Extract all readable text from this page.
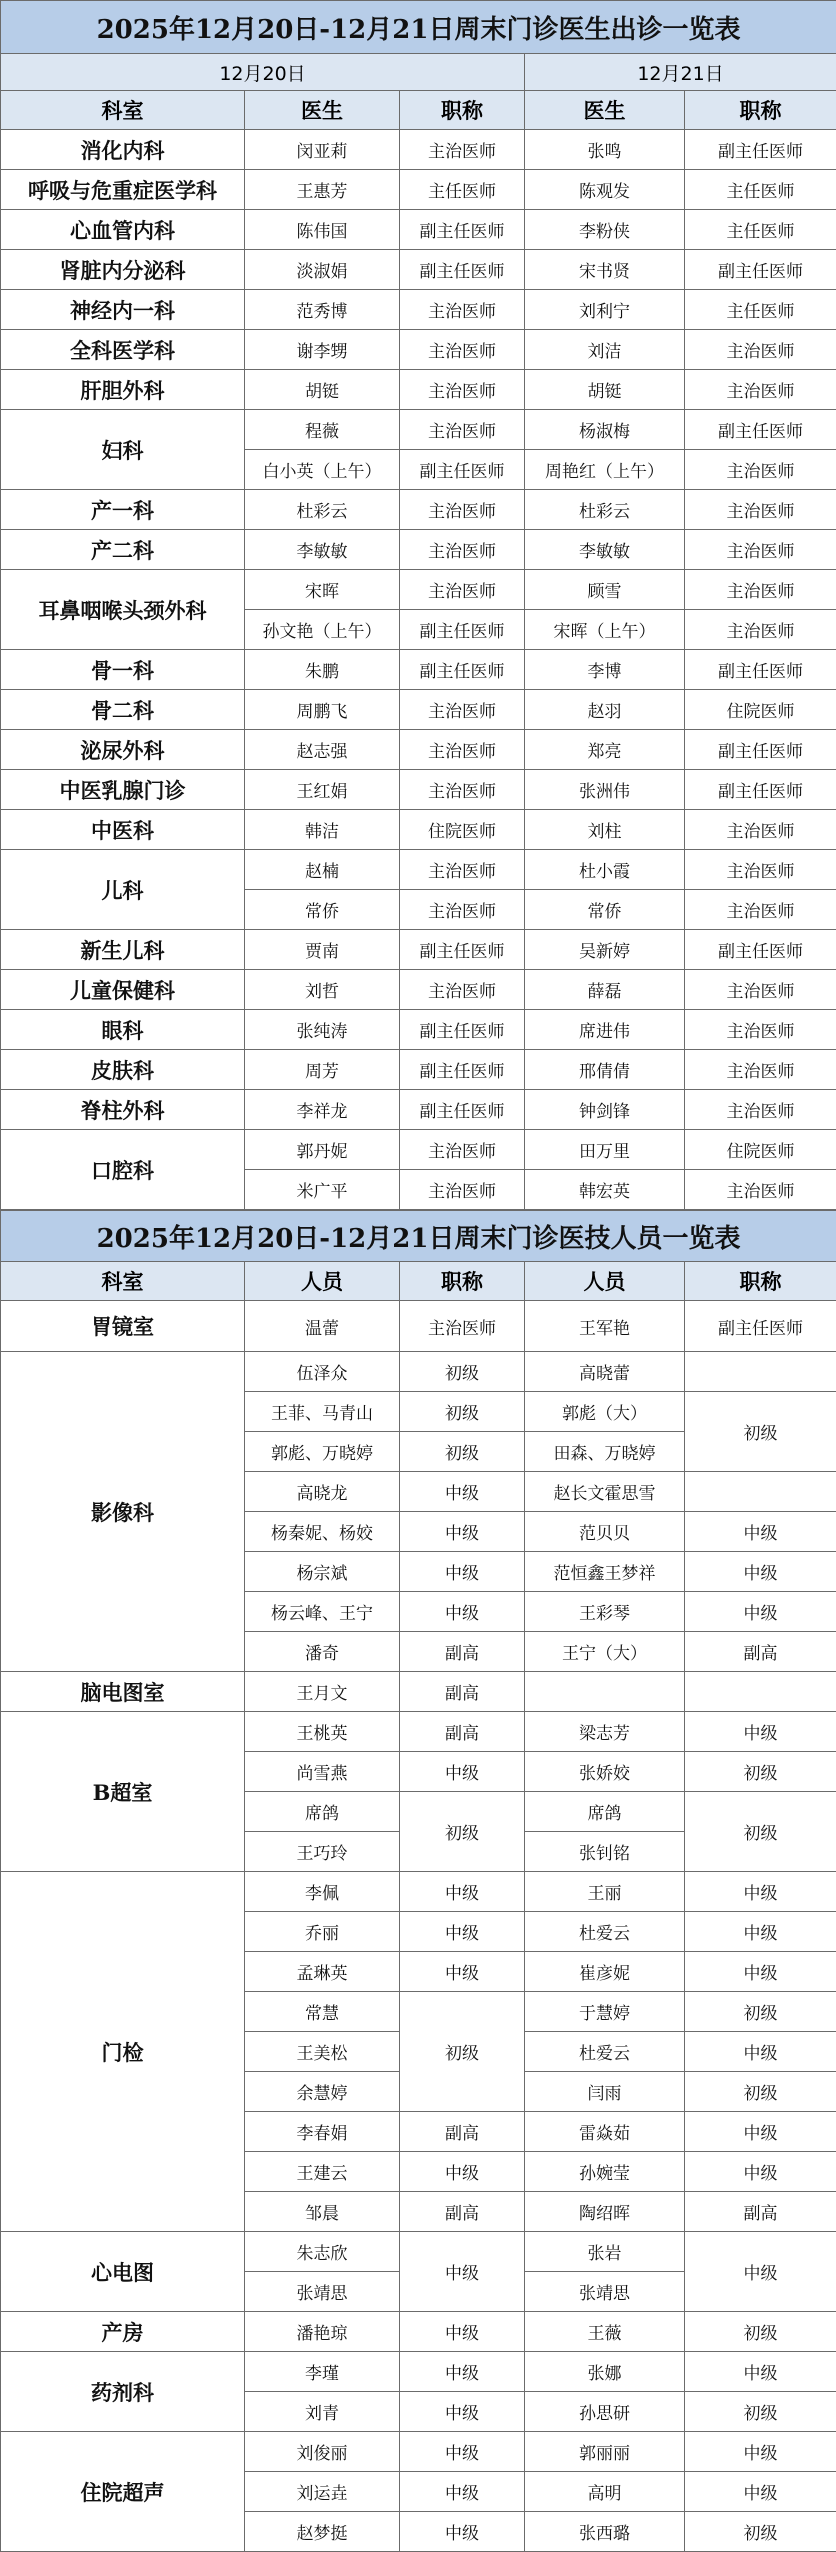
2025年12月20日-12月21日周末门诊医生出诊一览表				
12月20日			12月21日	
科室	医生	职称	医生	职称
消化内科	闵亚莉	主治医师	张鸣	副主任医师
呼吸与危重症医学科	王惠芳	主任医师	陈观发	主任医师
心血管内科	陈伟国	副主任医师	李粉侠	主任医师
肾脏内分泌科	淡淑娟	副主任医师	宋书贤	副主任医师
神经内一科	范秀博	主治医师	刘利宁	主任医师
全科医学科	谢李甥	主治医师	刘洁	主治医师
肝胆外科	胡铤	主治医师	胡铤	主治医师
妇科	程薇	主治医师	杨淑梅	副主任医师
	白小英（上午）	副主任医师	周艳红（上午）	主治医师
产一科	杜彩云	主治医师	杜彩云	主治医师
产二科	李敏敏	主治医师	李敏敏	主治医师
耳鼻咽喉头颈外科	宋晖	主治医师	顾雪	主治医师
	孙文艳（上午）	副主任医师	宋晖（上午）	主治医师
骨一科	朱鹏	副主任医师	李博	副主任医师
骨二科	周鹏飞	主治医师	赵羽	住院医师
泌尿外科	赵志强	主治医师	郑亮	副主任医师
中医乳腺门诊	王红娟	主治医师	张洲伟	副主任医师
中医科	韩洁	住院医师	刘柱	主治医师
儿科	赵楠	主治医师	杜小霞	主治医师
	常侨	主治医师	常侨	主治医师
新生儿科	贾南	副主任医师	吴新婷	副主任医师
儿童保健科	刘哲	主治医师	薛磊	主治医师
眼科	张纯涛	副主任医师	席进伟	主治医师
皮肤科	周芳	副主任医师	邢倩倩	主治医师
脊柱外科	李祥龙	副主任医师	钟剑锋	主治医师
口腔科	郭丹妮	主治医师	田万里	住院医师
	米广平	主治医师	韩宏英	主治医师
2025年12月20日-12月21日周末门诊医技人员一览表					
科室	人员	职称	人员	职称	
胃镜室	温蕾	主治医师	王军艳	副主任医师	
影像科	伍泽众	初级	高晓蕾		
	王菲、马青山	初级	郭彪（大）	初级	
	郭彪、万晓婷	初级	田森、万晓婷		
	高晓龙	中级	赵长文霍思雪		
	杨秦妮、杨姣	中级	范贝贝	中级	
	杨宗斌	中级	范恒鑫王梦祥	中级	
	杨云峰、王宁	中级	王彩琴	中级	
	潘奇	副高	王宁（大）	副高	
脑电图室	王月文	副高			
B超室	王桃英	副高	梁志芳	中级	
	尚雪燕	中级	张娇姣	初级	
	席鸽	初级	席鸽	初级	
	王巧玲		张钊铭		
门检	李佩	中级	王丽	中级	
	乔丽	中级	杜爱云	中级	
	孟琳英	中级	崔彦妮	中级	
	常慧	初级	于慧婷	初级	
	王美松		杜爱云	中级	
	余慧婷		闫雨	初级	
	李春娟	副高	雷焱茹	中级	
	王建云	中级	孙婉莹	中级	
	邹晨	副高	陶绍晖	副高	
心电图	朱志欣	中级	张岩	中级	
	张靖思		张靖思		
产房	潘艳琼	中级	王薇	初级	
药剂科	李瑾	中级	张娜	中级	
	刘青	中级	孙思研	初级	
住院超声	刘俊丽	中级	郭丽丽	中级	
	刘运垚	中级	高明	中级	
	赵梦挺	中级	张西璐	初级	
